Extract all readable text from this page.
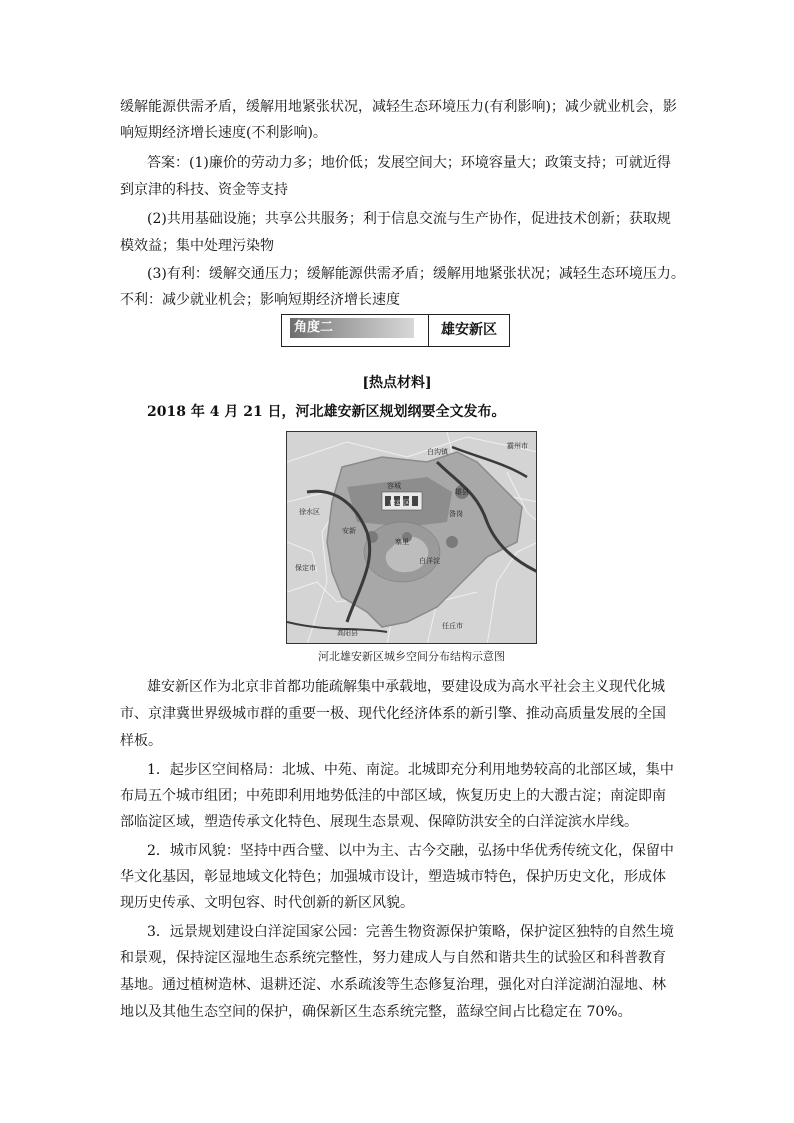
缓解能源供需矛盾，缓解用地紧张状况，减轻生态环境压力(有利影响)；减少就业机会，影
响短期经济增长速度(不利影响)。
答案：(1)廉价的劳动力多；地价低；发展空间大；环境容量大；政策支持；可就近得
到京津的科技、资金等支持
(2)共用基础设施；共享公共服务；利于信息交流与生产协作，促进技术创新；获取规
模效益；集中处理污染物
(3)有利：缓解交通压力；缓解能源供需矛盾；缓解用地紧张状况；减轻生态环境压力。
不利：减少就业机会；影响短期经济增长速度
角度二	雄安新区
[热点材料]
2018 年 4 月 21 日，河北雄安新区规划纲要全文发布。
白沟镇
霸州市
容城
启动区
雄县
昝岗
徐水区
安新
寨里
白洋淀
保定市
高阳县
任丘市
河北雄安新区城乡空间分布结构示意图
雄安新区作为北京非首都功能疏解集中承载地，要建设成为高水平社会主义现代化城
市、京津冀世界级城市群的重要一极、现代化经济体系的新引擎、推动高质量发展的全国
样板。
1．起步区空间格局：北城、中苑、南淀。北城即充分利用地势较高的北部区域，集中
布局五个城市组团；中苑即利用地势低洼的中部区域，恢复历史上的大溵古淀；南淀即南
部临淀区域，塑造传承文化特色、展现生态景观、保障防洪安全的白洋淀滨水岸线。
2．城市风貌：坚持中西合璧、以中为主、古今交融，弘扬中华优秀传统文化，保留中
华文化基因，彰显地域文化特色；加强城市设计，塑造城市特色，保护历史文化，形成体
现历史传承、文明包容、时代创新的新区风貌。
3．远景规划建设白洋淀国家公园：完善生物资源保护策略，保护淀区独特的自然生境
和景观，保持淀区湿地生态系统完整性，努力建成人与自然和谐共生的试验区和科普教育
基地。通过植树造林、退耕还淀、水系疏浚等生态修复治理，强化对白洋淀湖泊湿地、林
地以及其他生态空间的保护，确保新区生态系统完整，蓝绿空间占比稳定在 70%。
